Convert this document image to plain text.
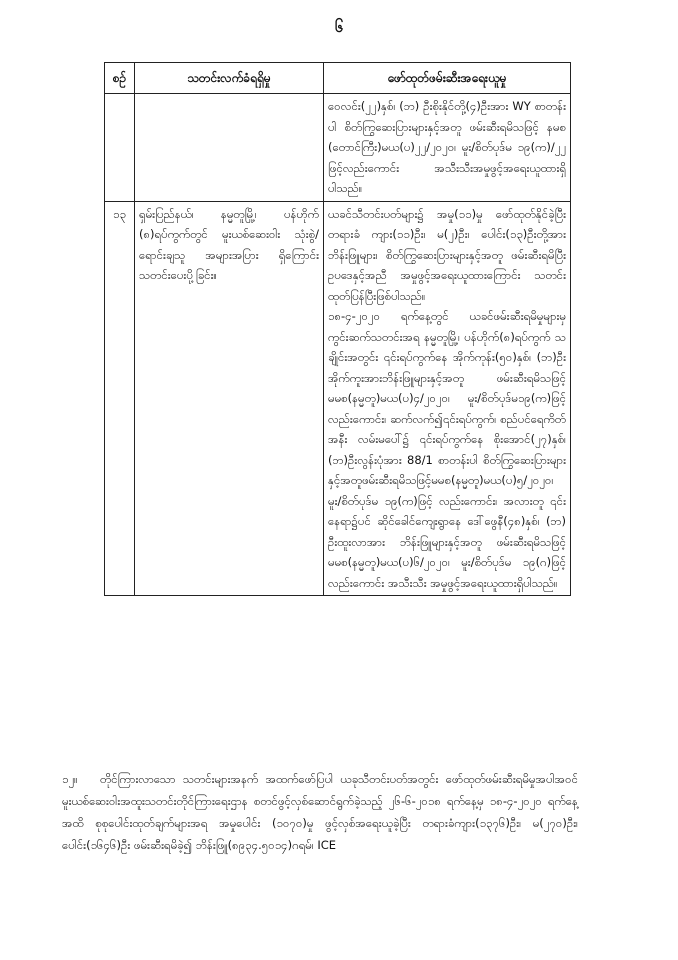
၆
စဉ်	သတင်းလက်ခံရရှိမှု	ဖော်ထုတ်ဖမ်းဆီးအရေးယူမှု

		ဝေလင်း(၂၂)နှစ်၊ (ဘ) ဦးစိုးနိုင်တို့(၄)ဦးအား WY စာတန်းပါ စိတ်ကြွဆေးပြားများနှင့်အတူ ဖမ်းဆီးရမိသဖြင့် နမစ (တောင်ကြီး)မယ(ပ)၂၂/၂၀၂၀၊ မူး/စိတ်ပုဒ်မ ၁၉(က)/၂၂ ဖြင့်လည်းကောင်း အသီးသီးအမှုဖွင့်အရေးယူထားရှိပါသည်။

၁၃	ရှမ်းပြည်နယ်၊ နမ္မတူမြို့၊ ပန်ဟိုက် (၈)ရပ်ကွက်တွင် မူးယစ်ဆေးဝါး သုံးစွဲ/ရောင်းချသူ အများအပြား ရှိကြောင်း သတင်းပေးပို့ခြင်း။	ယခင်သီတင်းပတ်များ၌ အမှု(၁၁)မှု ဖော်ထုတ်နိုင်ခဲ့ပြီး တရားခံ ကျား(၁၁)ဦး၊ မ(၂)ဦး၊ ပေါင်း(၁၃)ဦးတို့အား ဘိန်းဖြူများ၊ စိတ်ကြွဆေးပြားများနှင့်အတူ ဖမ်းဆီးရမိပြီး ဥပဒေနှင့်အညီ အမှုဖွင့်အရေးယူထားကြောင်း သတင်းထုတ်ပြန်ပြီးဖြစ်ပါသည်။

၁၈-၄-၂၀၂၀ ရက်နေ့တွင် ယခင်ဖမ်းဆီးရမိမှုများမှ ကွင်းဆက်သတင်းအရ နမ္မတူမြို့၊ ပန်ဟိုက်(၈)ရပ်ကွက် သချိုင်းအတွင်း ၎င်းရပ်ကွက်နေ အိုက်ကုန်း(၅၀)နှစ်၊ (ဘ)ဦးအိုက်ကူးအားဘိန်းဖြူများနှင့်အတူ ဖမ်းဆီးရမိသဖြင့် မမစ(နမ္မတူ)မယ(ပ)၄/၂၀၂၀၊ မူး/စိတ်ပုဒ်မ၁၉(က)ဖြင့် လည်းကောင်း၊ ဆက်လက်၍၎င်းရပ်ကွက်၊ စည်ပင်ရေကိတ် အနီး လမ်းမပေါ်၌ ၎င်းရပ်ကွက်နေ စိုးအောင်(၂၇)နှစ်၊ (ဘ)ဦးလွန်းပုံအား 88/1 စာတန်းပါ စိတ်ကြွဆေးပြားများနှင့်အတူဖမ်းဆီးရမိသဖြင့်မမစ(နမ္မတူ)မယ(ပ)၅/၂၀၂၀၊ မူး/စိတ်ပုဒ်မ ၁၉(က)ဖြင့် လည်းကောင်း၊ အလားတူ ၎င်းနေရာ၌ပင် ဆိုင်ခေါင်ကျေးရွာနေ ဒေါ်ဖွေနီ(၄၈)နှစ်၊ (ဘ) ဦးထူးလာအား ဘိန်းဖြူများနှင့်အတူ ဖမ်းဆီးရမိသဖြင့် မမစ(နမ္မတူ)မယ(ပ)၆/၂၀၂၀၊ မူး/စိတ်ပုဒ်မ ၁၉(ဂ)ဖြင့် လည်းကောင်း အသီးသီး အမှုဖွင့်အရေးယူထားရှိပါသည်။

၁၂။ တိုင်ကြားလာသော သတင်းများအနက် အထက်ဖော်ပြပါ ယခုသီတင်းပတ်အတွင်း ဖော်ထုတ်ဖမ်းဆီးရမိမှုအပါအဝင် မူးယစ်ဆေးဝါးအထူးသတင်းတိုင်ကြားရေးဌာန စတင်ဖွင့်လှစ်ဆောင်ရွက်ခဲ့သည့် ၂၆-၆-၂၀၁၈ ရက်နေ့မှ ၁၈-၄-၂၀၂၀ ရက်နေ့အထိ စုစုပေါင်းထုတ်ချက်များအရ အမှုပေါင်း (၁၀၇၀)မှု ဖွင့်လှစ်အရေးယူခဲ့ပြီး တရားခံကျား(၁၃၇၆)ဦး၊ မ(၂၇၀)ဦး၊ ပေါင်း(၁၆၄၆)ဦး ဖမ်းဆီးရမိခဲ့၍ ဘိန်းဖြူ(၈၉၃၄.၅၀၁၄)ဂရမ်၊ ICE
